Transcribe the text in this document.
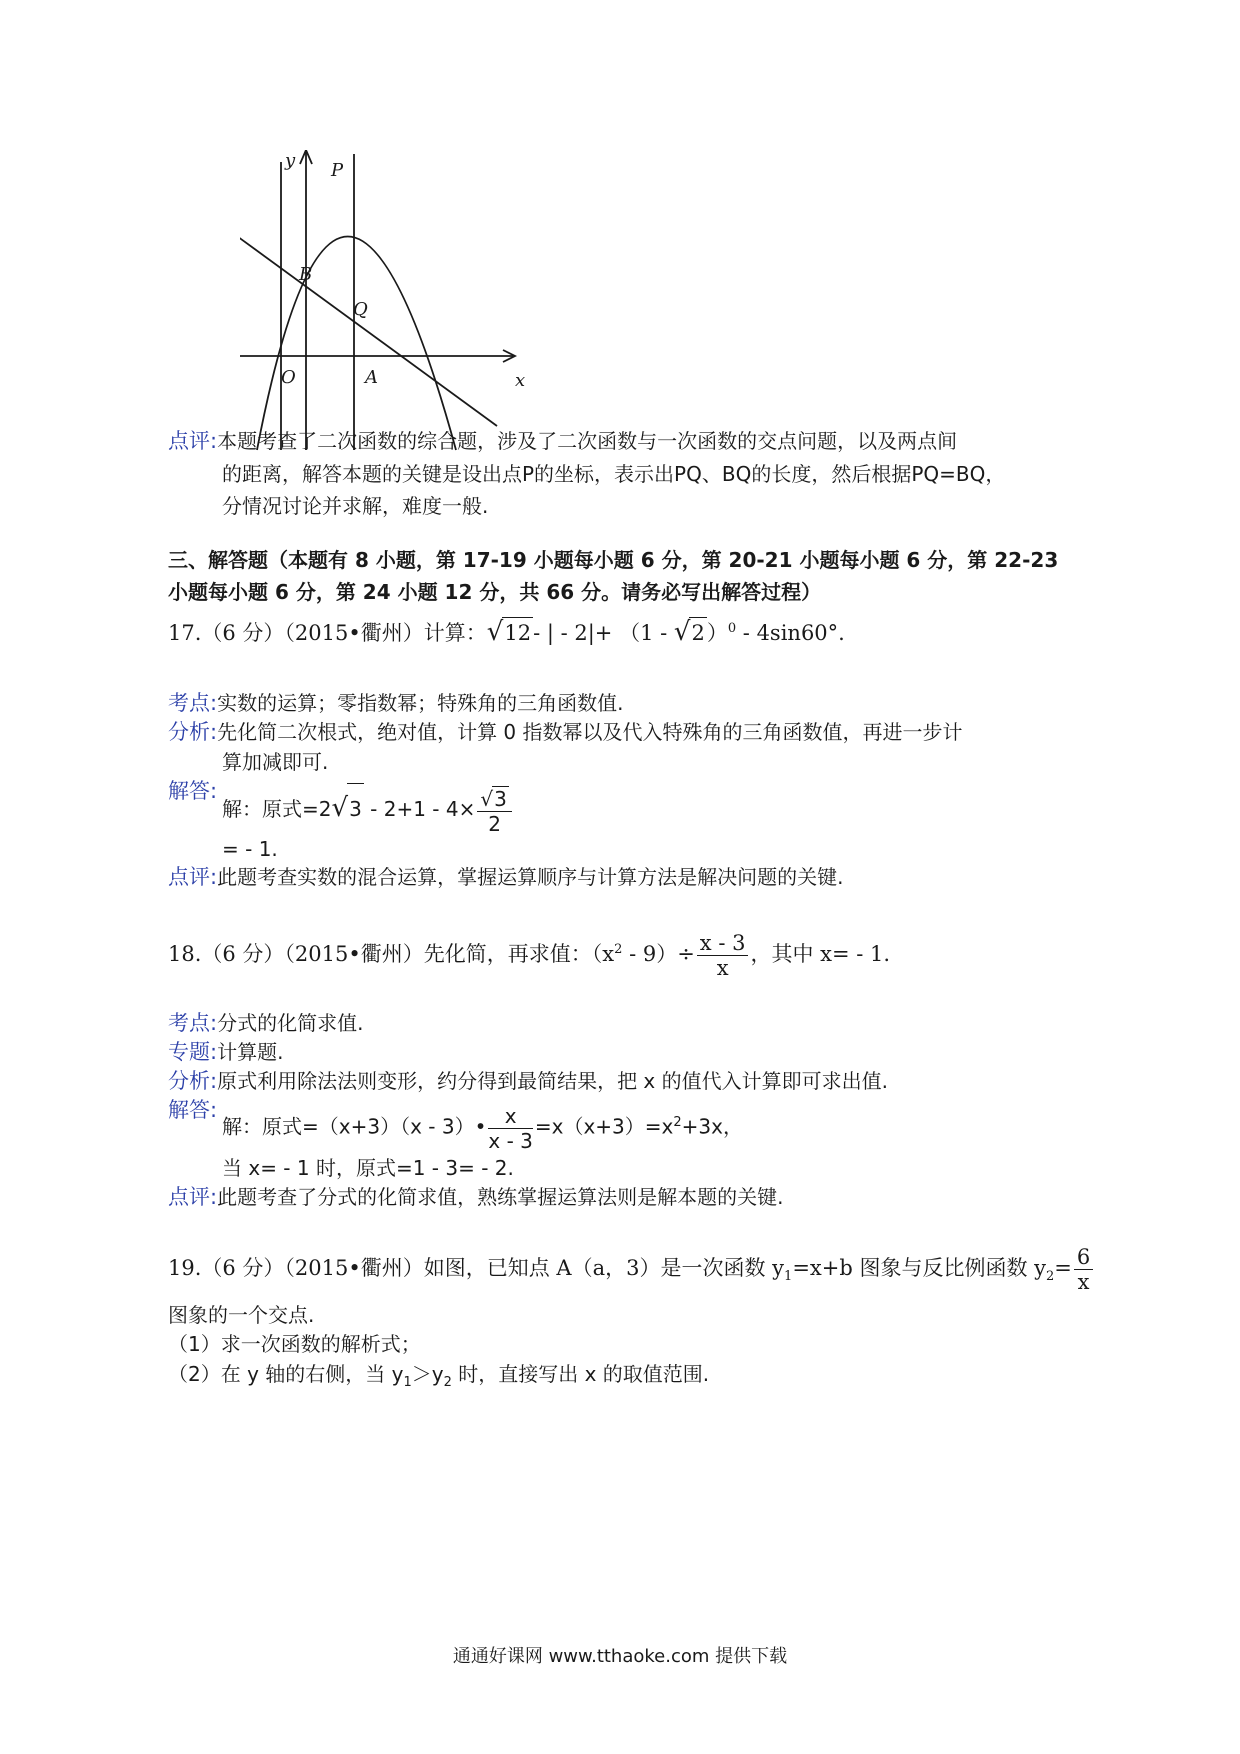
y P
B
Q
O	A	x
点评:本题考查了二次函数的综合题，涉及了二次函数与一次函数的交点问题，以及两点间
的距离，解答本题的关键是设出点P的坐标，表示出PQ、BQ的长度，然后根据PQ=BQ，
分情况讨论并求解，难度一般.
三、解答题（本题有 8 小题，第 17-19 小题每小题 6 分，第 20-21 小题每小题 6 分，第 22-23
小题每小题 6 分，第 24 小题 12 分，共 66 分。请务必写出解答过程）
17.（6 分）（2015•衢州）计算：√12- | - 2|+ （1 - √2）$^0$ - 4sin60°.
考点:实数的运算；零指数幂；特殊角的三角函数值.
分析:先化简二次根式，绝对值，计算 0 指数幂以及代入特殊角的三角函数值，再进一步计
算加减即可.
解答:
解：原式$=2√3 - 2+1 - 4\times \frac{√3}{2}$
= - 1.
点评:此题考查实数的混合运算，掌握运算顺序与计算方法是解决问题的关键.
18.（6 分）（2015•衢州）先化简，再求值：$(x^2 - 9)\div \frac{x - 3}{x}$ ，其中 x= - 1.
考点:分式的化简求值.
专题:计算题.
分析:原式利用除法法则变形，约分得到最简结果，把 x 的值代入计算即可求出值.
解答:
解：原式=（x+3）（x - 3）• $\frac{x}{x - 3} =x(x+3)=x^2+3x$，
当 x= - 1 时，原式=1 - 3= - 2.
点评:此题考查了分式的化简求值，熟练掌握运算法则是解本题的关键.
19.（6 分）（2015•衢州）如图，已知点 A（a，3）是一次函数 $y_1=x+b$ 图象与反比例函数 $y_2= \frac{6}{x}$
图象的一个交点.
（1）求一次函数的解析式；
（2）在 y 轴的右侧，当 $y_1>y_2$ 时，直接写出 x 的取值范围.
通通好课网 www.tthaoke.com 提供下载
